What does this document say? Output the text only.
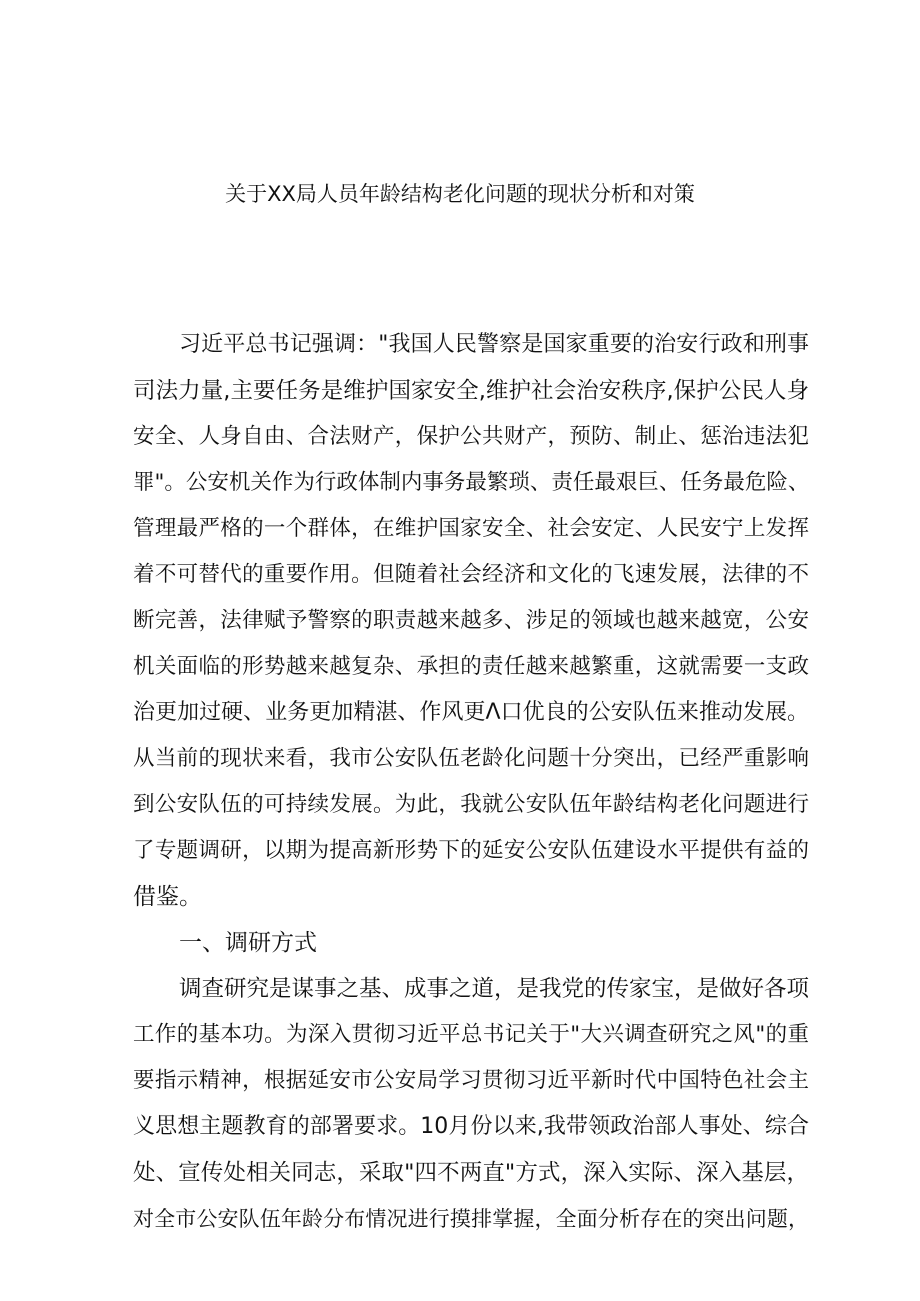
关于XX局人员年龄结构老化问题的现状分析和对策
习近平总书记强调："我国人民警察是国家重要的治安行政和刑事
司法力量,主要任务是维护国家安全,维护社会治安秩序,保护公民人身
安全、人身自由、合法财产，保护公共财产，预防、制止、惩治违法犯
罪"。公安机关作为行政体制内事务最繁琐、责任最艰巨、任务最危险、
管理最严格的一个群体，在维护国家安全、社会安定、人民安宁上发挥
着不可替代的重要作用。但随着社会经济和文化的飞速发展，法律的不
断完善，法律赋予警察的职责越来越多、涉足的领域也越来越宽，公安
机关面临的形势越来越复杂、承担的责任越来越繁重，这就需要一支政
治更加过硬、业务更加精湛、作风更Λ口优良的公安队伍来推动发展。
从当前的现状来看，我市公安队伍老龄化问题十分突出，已经严重影响
到公安队伍的可持续发展。为此，我就公安队伍年龄结构老化问题进行
了专题调研，以期为提高新形势下的延安公安队伍建设水平提供有益的
借鉴。
一、调研方式
调查研究是谋事之基、成事之道，是我党的传家宝，是做好各项
工作的基本功。为深入贯彻习近平总书记关于"大兴调查研究之风"的重
要指示精神，根据延安市公安局学习贯彻习近平新时代中国特色社会主
义思想主题教育的部署要求。10月份以来,我带领政治部人事处、综合
处、宣传处相关同志，采取"四不两直"方式，深入实际、深入基层，
对全市公安队伍年龄分布情况进行摸排掌握，全面分析存在的突出问题，
